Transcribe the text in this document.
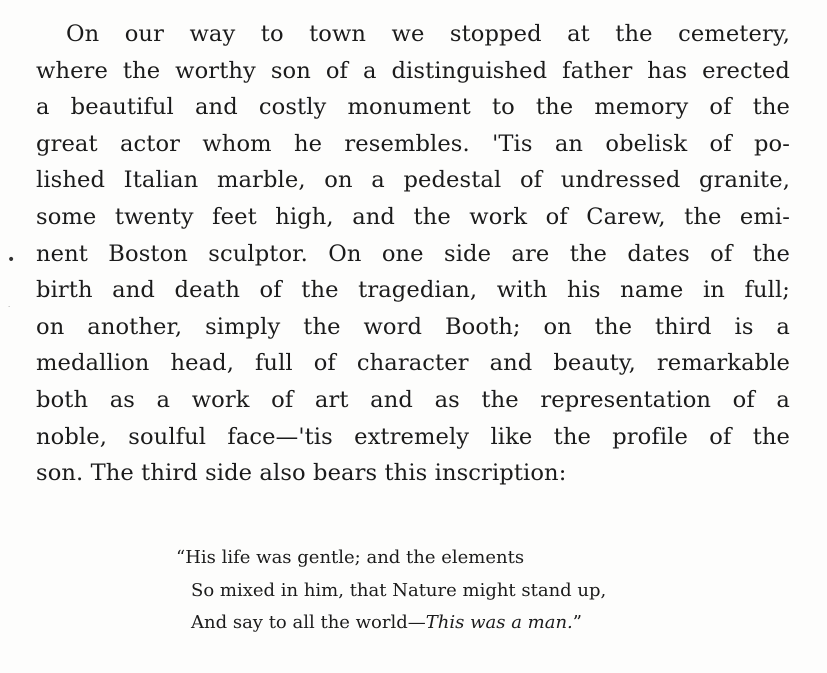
•
·
On our way to town we stopped at the cemetery,
where the worthy son of a distinguished father has erected
a beautiful and costly monument to the memory of the
great actor whom he resembles. 'Tis an obelisk of po-
lished Italian marble, on a pedestal of undressed granite,
some twenty feet high, and the work of Carew, the emi-
nent Boston sculptor. On one side are the dates of the
birth and death of the tragedian, with his name in full;
on another, simply the word Booth; on the third is a
medallion head, full of character and beauty, remarkable
both as a work of art and as the representation of a
noble, soulful face—'tis extremely like the profile of the
son. The third side also bears this inscription:
“His life was gentle; and the elements
So mixed in him, that Nature might stand up,
And say to all the world—This was a man.”
